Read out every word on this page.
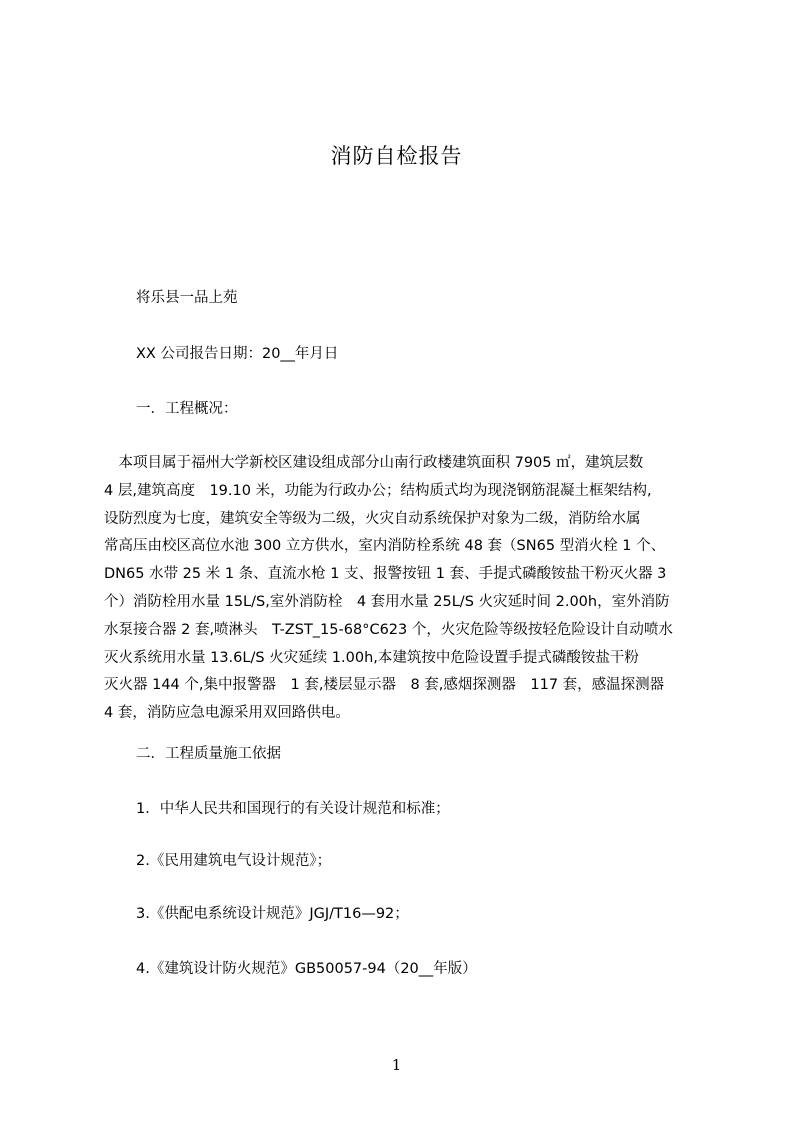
消防自检报告
将乐县一品上苑
XX 公司报告日期：20__年月日
一．工程概况：
　本项目属于福州大学新校区建设组成部分山南行政楼建筑面积 7905 ㎡，建筑层数
4 层,建筑高度　19.10 米，功能为行政办公；结构质式均为现浇钢筋混凝土框架结构,
设防烈度为七度，建筑安全等级为二级，火灾自动系统保护对象为二级，消防给水属
常高压由校区高位水池 300 立方供水，室内消防栓系统 48 套（SN65 型消火栓 1 个、
DN65 水带 25 米 1 条、直流水枪 1 支、报警按钮 1 套、手提式磷酸铵盐干粉灭火器 3
个）消防栓用水量 15L/S,室外消防栓　4 套用水量 25L/S 火灾延时间 2.00h，室外消防
水泵接合器 2 套,喷淋头　T-ZST_15-68°C623 个，火灾危险等级按轻危险设计自动喷水
灭火系统用水量 13.6L/S 火灾延续 1.00h,本建筑按中危险设置手提式磷酸铵盐干粉
灭火器 144 个,集中报警器　1 套,楼层显示器　8 套,感烟探测器　117 套，感温探测器
4 套，消防应急电源采用双回路供电。
二．工程质量施工依据
1．中华人民共和国现行的有关设计规范和标准；
2.《民用建筑电气设计规范》；
3.《供配电系统设计规范》JGJ/T16—92；
4.《建筑设计防火规范》GB50057-94（20__年版）
1
